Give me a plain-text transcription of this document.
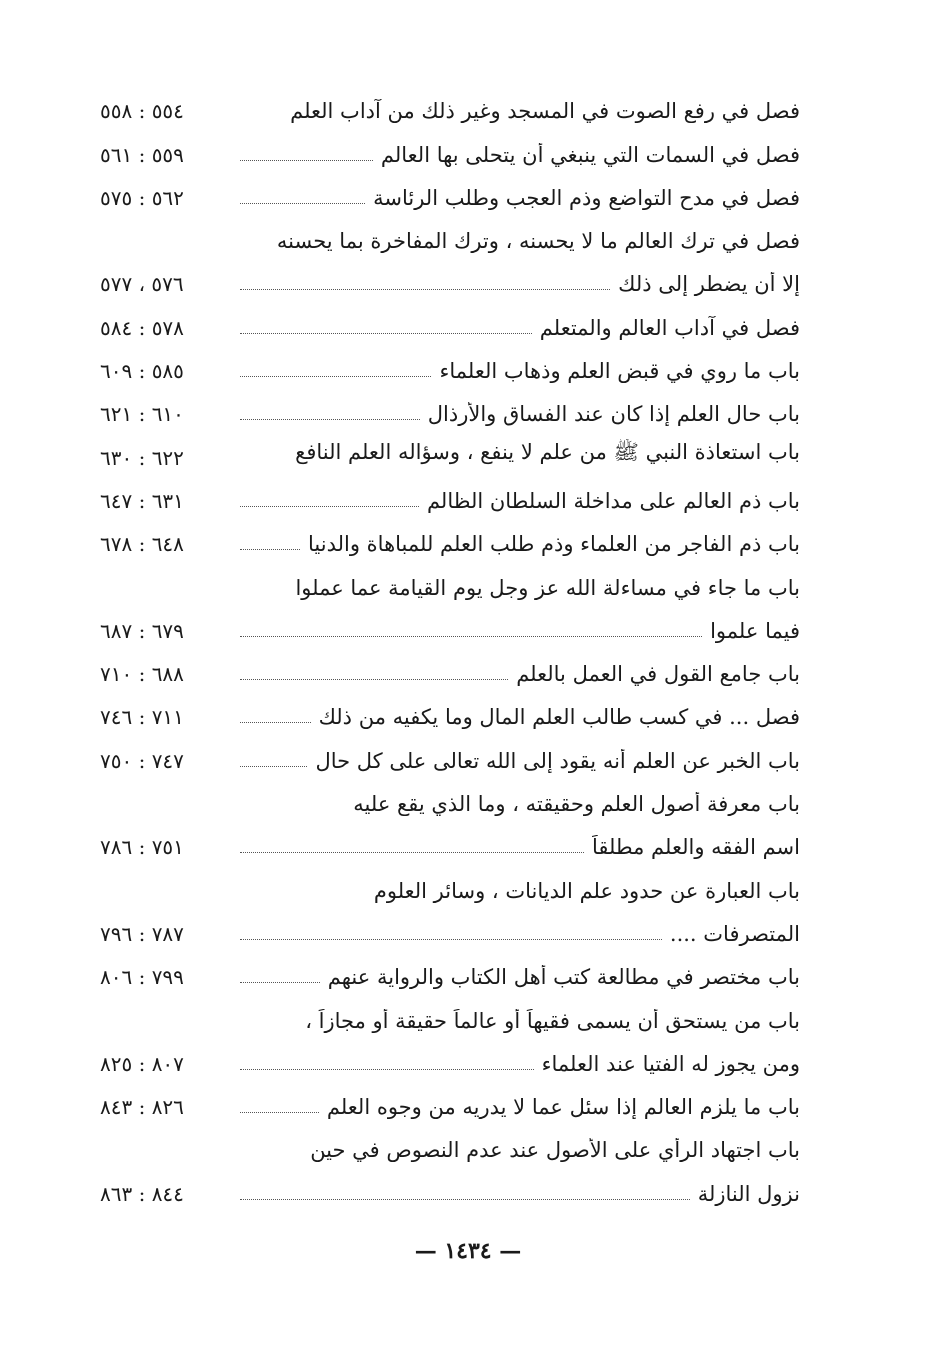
فصل في رفع الصوت في المسجد وغير ذلك من آداب العلم
٥٥٤ : ٥٥٨
فصل في السمات التي ينبغي أن يتحلى بها العالم
٥٥٩ : ٥٦١
فصل في مدح التواضع وذم العجب وطلب الرئاسة
٥٦٢ : ٥٧٥
فصل في ترك العالم ما لا يحسنه ، وترك المفاخرة بما يحسنه
إلا أن يضطر إلى ذلك
٥٧٦ ، ٥٧٧
فصل في آداب العالم والمتعلم
٥٧٨ : ٥٨٤
باب ما روي في قبض العلم وذهاب العلماء
٥٨٥ : ٦٠٩
باب حال العلم إذا كان عند الفساق والأرذال
٦١٠ : ٦٢١
باب استعاذة النبي ﷺ من علم لا ينفع ، وسؤاله العلم النافع
٦٢٢ : ٦٣٠
باب ذم العالم على مداخلة السلطان الظالم
٦٣١ : ٦٤٧
باب ذم الفاجر من العلماء وذم طلب العلم للمباهاة والدنيا
٦٤٨ : ٦٧٨
باب ما جاء في مساءلة الله عز وجل يوم القيامة عما عملوا
فيما علموا
٦٧٩ : ٦٨٧
باب جامع القول في العمل بالعلم
٦٨٨ : ٧١٠
فصل ... في كسب طالب العلم المال وما يكفيه من ذلك
٧١١ : ٧٤٦
باب الخبر عن العلم أنه يقود إلى الله تعالى على كل حال
٧٤٧ : ٧٥٠
باب معرفة أصول العلم وحقيقته ، وما الذي يقع عليه
اسم الفقه والعلم مطلقاً
٧٥١ : ٧٨٦
باب العبارة عن حدود علم الديانات ، وسائر العلوم
المتصرفات ....
٧٨٧ : ٧٩٦
باب مختصر في مطالعة كتب أهل الكتاب والرواية عنهم
٧٩٩ : ٨٠٦
باب من يستحق أن يسمى فقيهاً أو عالماً حقيقة أو مجازاً ،
ومن يجوز له الفتيا عند العلماء
٨٠٧ : ٨٢٥
باب ما يلزم العالم إذا سئل عما لا يدريه من وجوه العلم
٨٢٦ : ٨٤٣
باب اجتهاد الرأي على الأصول عند عدم النصوص في حين
نزول النازلة
٨٤٤ : ٨٦٣
— ١٤٣٤ —
